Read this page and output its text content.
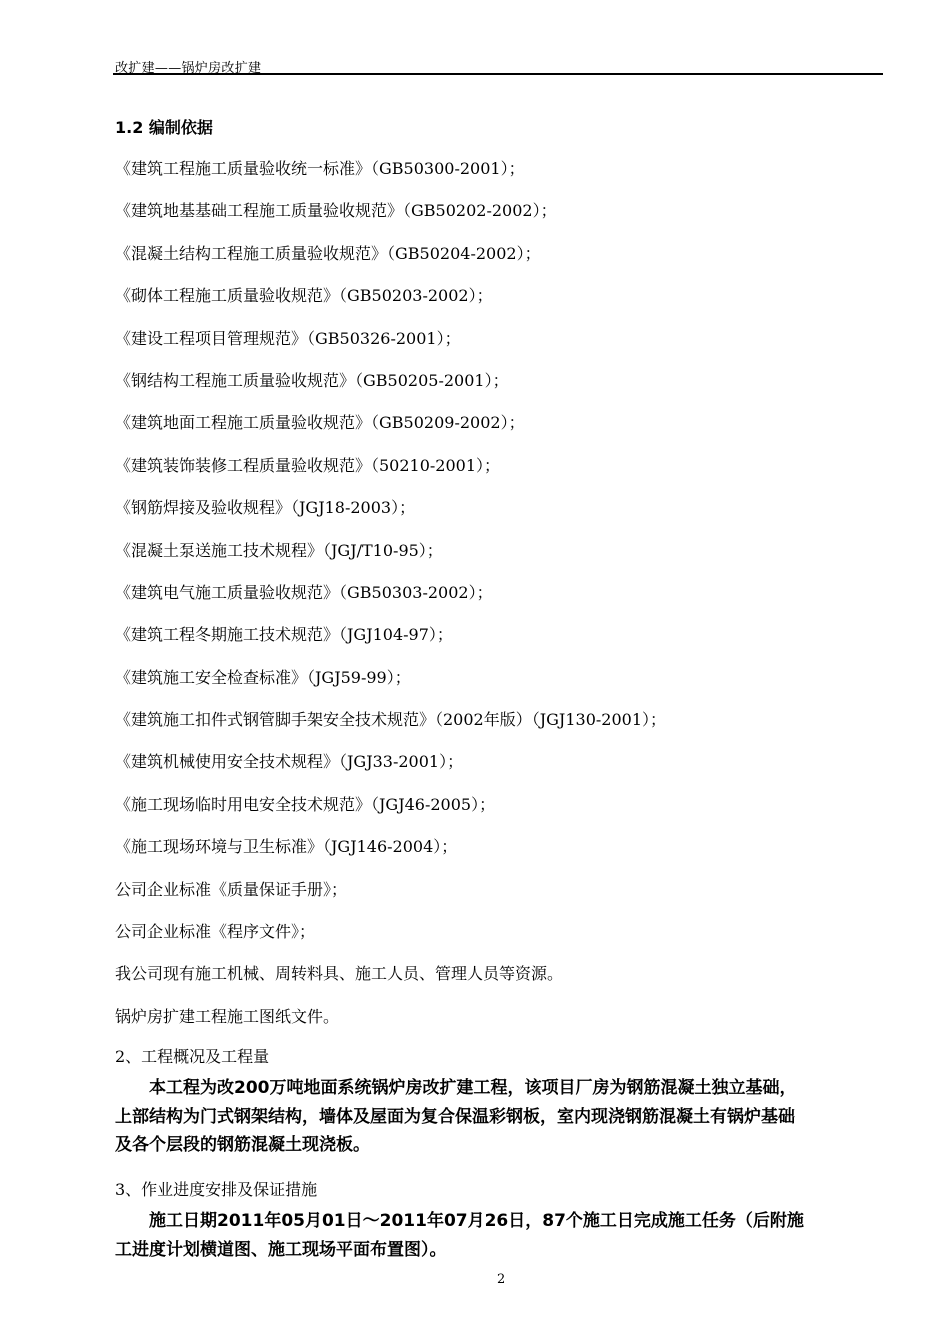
改扩建——锅炉房改扩建
1.2 编制依据
《建筑工程施工质量验收统一标准》（GB50300-2001）；
《建筑地基基础工程施工质量验收规范》（GB50202-2002）；
《混凝土结构工程施工质量验收规范》（GB50204-2002）；
《砌体工程施工质量验收规范》（GB50203-2002）；
《建设工程项目管理规范》（GB50326-2001）；
《钢结构工程施工质量验收规范》（GB50205-2001）；
《建筑地面工程施工质量验收规范》（GB50209-2002）；
《建筑装饰装修工程质量验收规范》（50210-2001）；
《钢筋焊接及验收规程》（JGJ18-2003）；
《混凝土泵送施工技术规程》（JGJ/T10-95）；
《建筑电气施工质量验收规范》（GB50303-2002）；
《建筑工程冬期施工技术规范》（JGJ104-97）；
《建筑施工安全检查标准》（JGJ59-99）；
《建筑施工扣件式钢管脚手架安全技术规范》（2002年版）（JGJ130-2001）；
《建筑机械使用安全技术规程》（JGJ33-2001）；
《施工现场临时用电安全技术规范》（JGJ46-2005）；
《施工现场环境与卫生标准》（JGJ146-2004）；
公司企业标准《质量保证手册》；
公司企业标准《程序文件》；
我公司现有施工机械、周转料具、施工人员、管理人员等资源。
锅炉房扩建工程施工图纸文件。
2、工程概况及工程量
本工程为改200万吨地面系统锅炉房改扩建工程，该项目厂房为钢筋混凝土独立基础，
上部结构为门式钢架结构，墙体及屋面为复合保温彩钢板，室内现浇钢筋混凝土有锅炉基础
及各个层段的钢筋混凝土现浇板。
3、作业进度安排及保证措施
施工日期2011年05月01日～2011年07月26日，87个施工日完成施工任务（后附施
工进度计划横道图、施工现场平面布置图）。
2
